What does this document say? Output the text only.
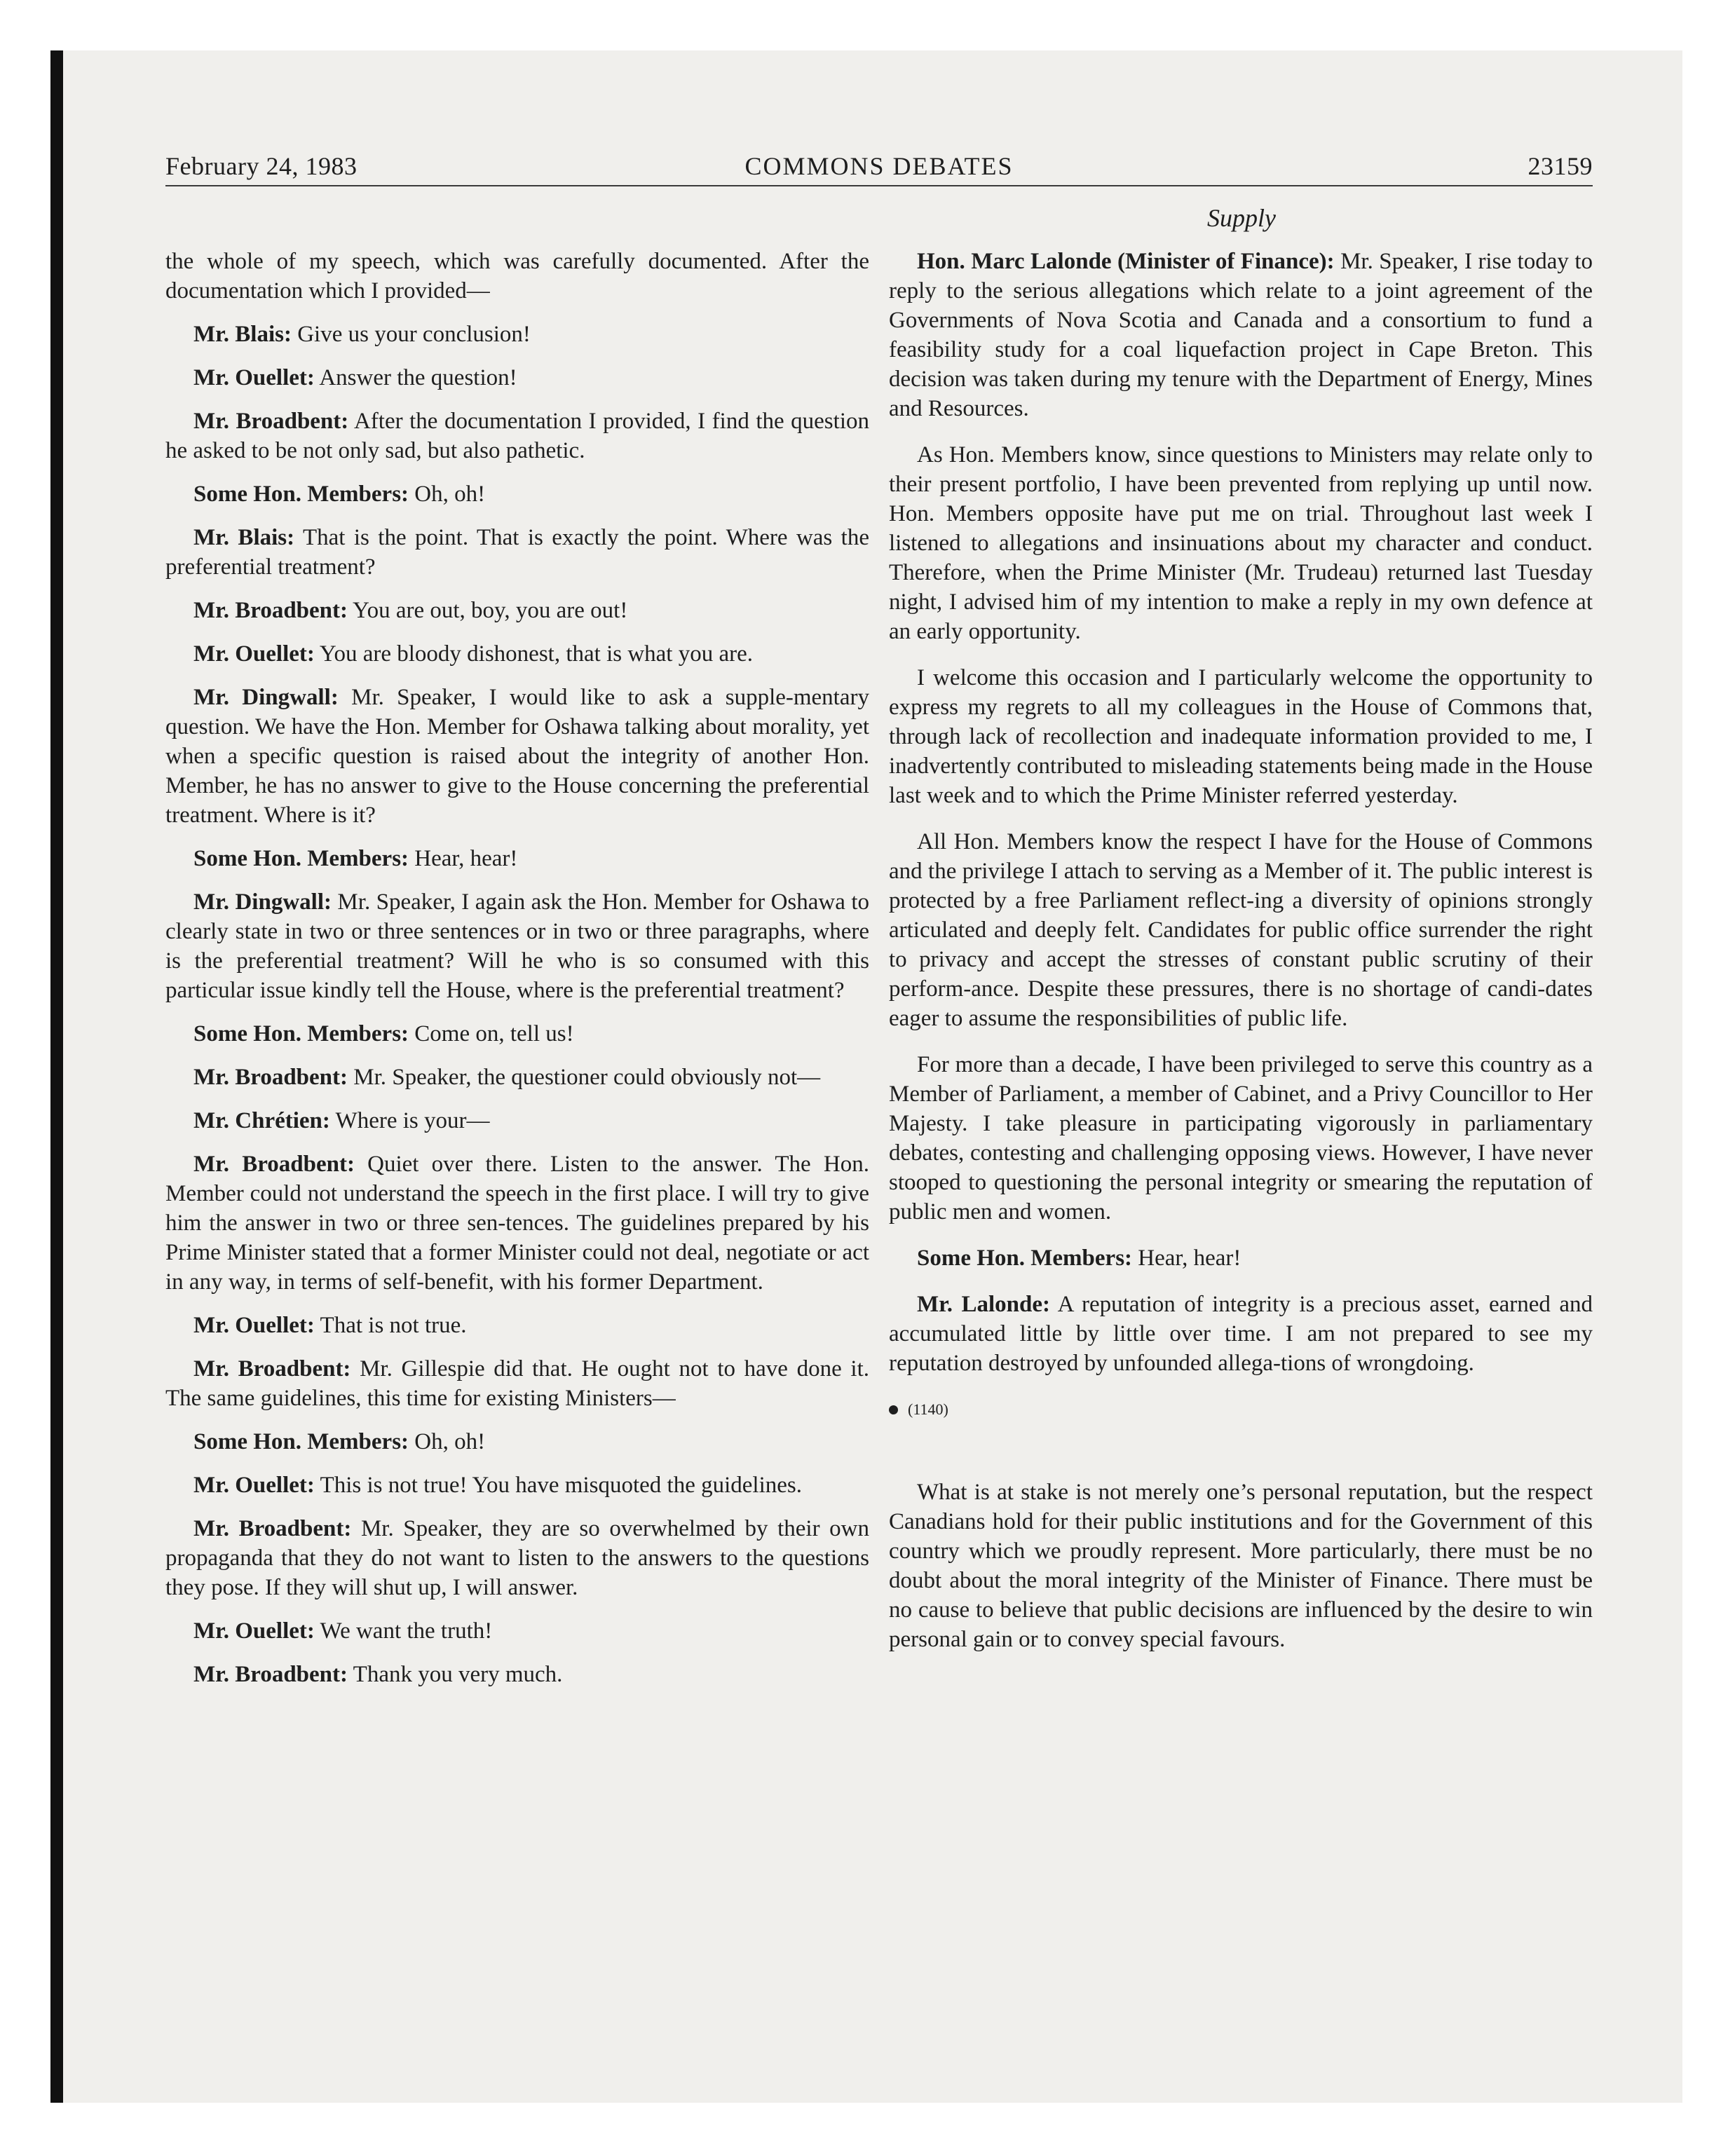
February 24, 1983	COMMONS DEBATES	23159
Supply

the whole of my speech, which was carefully documented. After the documentation which I provided—

Mr. Blais: Give us your conclusion!

Mr. Ouellet: Answer the question!

Mr. Broadbent: After the documentation I provided, I find the question he asked to be not only sad, but also pathetic.

Some Hon. Members: Oh, oh!

Mr. Blais: That is the point. That is exactly the point. Where was the preferential treatment?

Mr. Broadbent: You are out, boy, you are out!

Mr. Ouellet: You are bloody dishonest, that is what you are.

Mr. Dingwall: Mr. Speaker, I would like to ask a supple-mentary question. We have the Hon. Member for Oshawa talking about morality, yet when a specific question is raised about the integrity of another Hon. Member, he has no answer to give to the House concerning the preferential treatment. Where is it?

Some Hon. Members: Hear, hear!

Mr. Dingwall: Mr. Speaker, I again ask the Hon. Member for Oshawa to clearly state in two or three sentences or in two or three paragraphs, where is the preferential treatment? Will he who is so consumed with this particular issue kindly tell the House, where is the preferential treatment?

Some Hon. Members: Come on, tell us!

Mr. Broadbent: Mr. Speaker, the questioner could obviously not—

Mr. Chrétien: Where is your—

Mr. Broadbent: Quiet over there. Listen to the answer. The Hon. Member could not understand the speech in the first place. I will try to give him the answer in two or three sen-tences. The guidelines prepared by his Prime Minister stated that a former Minister could not deal, negotiate or act in any way, in terms of self-benefit, with his former Department.

Mr. Ouellet: That is not true.

Mr. Broadbent: Mr. Gillespie did that. He ought not to have done it. The same guidelines, this time for existing Ministers—

Some Hon. Members: Oh, oh!

Mr. Ouellet: This is not true! You have misquoted the guidelines.

Mr. Broadbent: Mr. Speaker, they are so overwhelmed by their own propaganda that they do not want to listen to the answers to the questions they pose. If they will shut up, I will answer.

Mr. Ouellet: We want the truth!

Mr. Broadbent: Thank you very much.

Hon. Marc Lalonde (Minister of Finance): Mr. Speaker, I rise today to reply to the serious allegations which relate to a joint agreement of the Governments of Nova Scotia and Canada and a consortium to fund a feasibility study for a coal liquefaction project in Cape Breton. This decision was taken during my tenure with the Department of Energy, Mines and Resources.

As Hon. Members know, since questions to Ministers may relate only to their present portfolio, I have been prevented from replying up until now. Hon. Members opposite have put me on trial. Throughout last week I listened to allegations and insinuations about my character and conduct. Therefore, when the Prime Minister (Mr. Trudeau) returned last Tuesday night, I advised him of my intention to make a reply in my own defence at an early opportunity.

I welcome this occasion and I particularly welcome the opportunity to express my regrets to all my colleagues in the House of Commons that, through lack of recollection and inadequate information provided to me, I inadvertently contributed to misleading statements being made in the House last week and to which the Prime Minister referred yesterday.

All Hon. Members know the respect I have for the House of Commons and the privilege I attach to serving as a Member of it. The public interest is protected by a free Parliament reflect-ing a diversity of opinions strongly articulated and deeply felt. Candidates for public office surrender the right to privacy and accept the stresses of constant public scrutiny of their perform-ance. Despite these pressures, there is no shortage of candi-dates eager to assume the responsibilities of public life.

For more than a decade, I have been privileged to serve this country as a Member of Parliament, a member of Cabinet, and a Privy Councillor to Her Majesty. I take pleasure in participating vigorously in parliamentary debates, contesting and challenging opposing views. However, I have never stooped to questioning the personal integrity or smearing the reputation of public men and women.

Some Hon. Members: Hear, hear!

Mr. Lalonde: A reputation of integrity is a precious asset, earned and accumulated little by little over time. I am not prepared to see my reputation destroyed by unfounded allega-tions of wrongdoing.

(1140)

What is at stake is not merely one’s personal reputation, but the respect Canadians hold for their public institutions and for the Government of this country which we proudly represent. More particularly, there must be no doubt about the moral integrity of the Minister of Finance. There must be no cause to believe that public decisions are influenced by the desire to win personal gain or to convey special favours.
